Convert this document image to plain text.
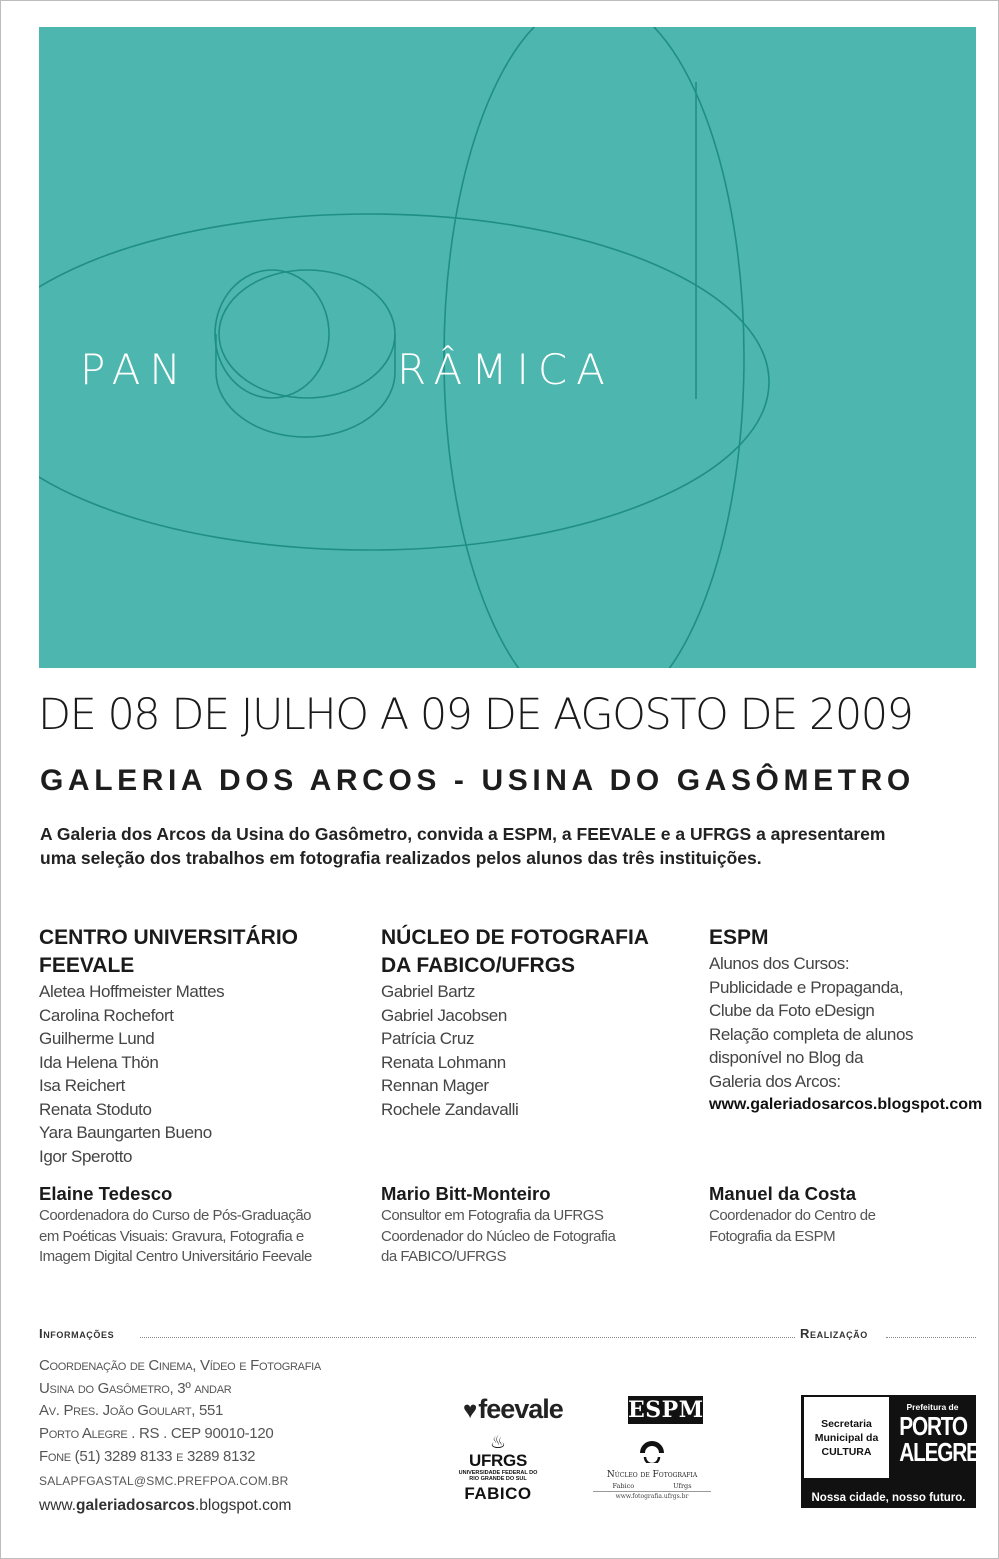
PAN	RÂMICA
DE 08 DE JULHO A 09 DE AGOSTO DE 2009
GALERIA DOS ARCOS - USINA DO GASÔMETRO
A Galeria dos Arcos da Usina do Gasômetro, convida a ESPM, a FEEVALE e a UFRGS a apresentarem
uma seleção dos trabalhos em fotografia realizados pelos alunos das três instituições.
CENTRO UNIVERSITÁRIO
FEEVALE
Aletea Hoffmeister Mattes
Carolina Rochefort
Guilherme Lund
Ida Helena Thön
Isa Reichert
Renata Stoduto
Yara Baungarten Bueno
Igor Sperotto
NÚCLEO DE FOTOGRAFIA
DA FABICO/UFRGS
Gabriel Bartz
Gabriel Jacobsen
Patrícia Cruz
Renata Lohmann
Rennan Mager
Rochele Zandavalli
ESPM
Alunos dos Cursos:
Publicidade e Propaganda,
Clube da Foto eDesign
Relação completa de alunos
disponível no Blog da
Galeria dos Arcos:
www.galeriadosarcos.blogspot.com
Elaine Tedesco
Coordenadora do Curso de Pós-Graduação
em Poéticas Visuais: Gravura, Fotografia e
Imagem Digital Centro Universitário Feevale
Mario Bitt-Monteiro
Consultor em Fotografia da UFRGS
Coordenador do Núcleo de Fotografia
da FABICO/UFRGS
Manuel da Costa
Coordenador do Centro de
Fotografia da ESPM
Informações	Realização
Coordenação de Cinema, Vídeo e Fotografia
Usina do Gasômetro, 3º andar
Av. Pres. João Goulart, 551
Porto Alegre . RS . CEP 90010-120
Fone (51) 3289 8133 e 3289 8132
SALAPFGASTAL@SMC.PREFPOA.COM.BR
www.galeriadosarcos.blogspot.com
♥feevale	ESPM
♨
UFRGS
UNIVERSIDADE FEDERAL DO RIO GRANDE DO SUL
FABICO
Núcleo de Fotografia
Fabico	Ufrgs
www.fotografia.ufrgs.br
Secretaria
Municipal da
CULTURA
Prefeitura de
PORTO
ALEGRE
Nossa cidade, nosso futuro.
